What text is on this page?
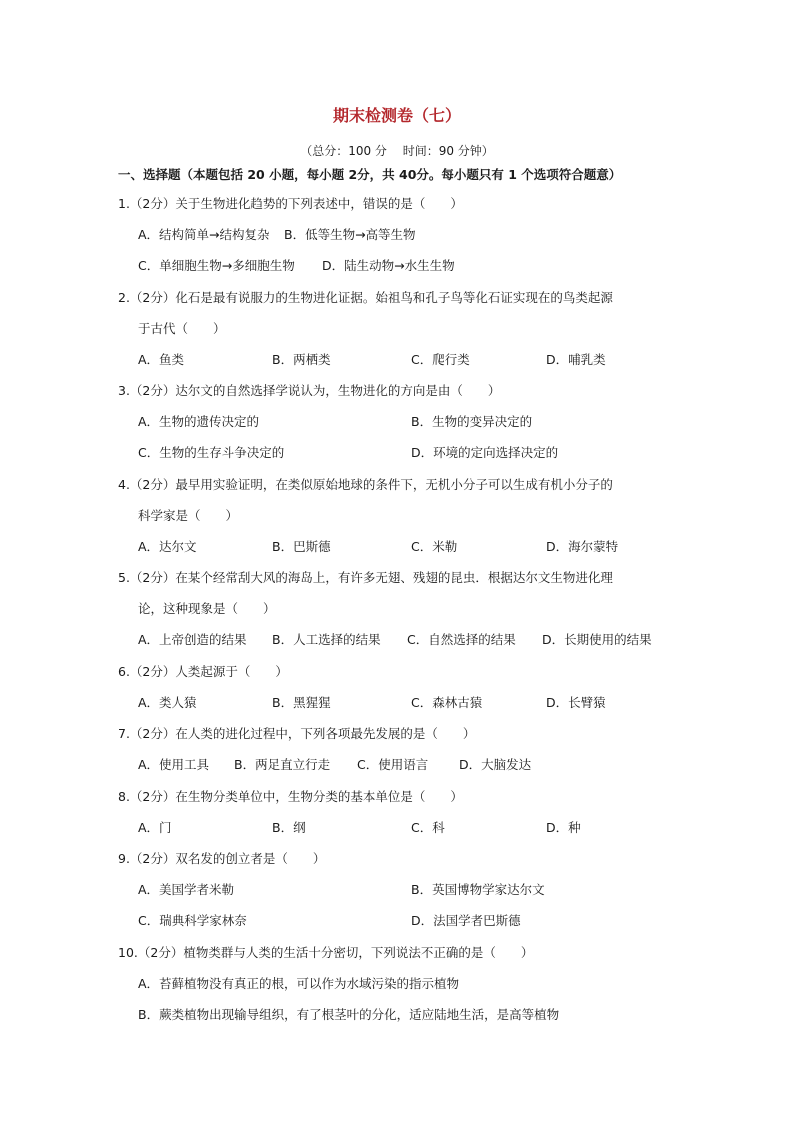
期末检测卷（七）
（总分：100 分　 时间：90 分钟）
一、选择题（本题包括 20 小题，每小题 2分，共 40分。每小题只有 1 个选项符合题意）
1.（2分）关于生物进化趋势的下列表述中，错误的是（　　）
A．结构简单→结构复杂 B．低等生物→高等生物
C．单细胞生物→多细胞生物 D．陆生动物→水生生物
2.（2分）化石是最有说服力的生物进化证据。始祖鸟和孔子鸟等化石证实现在的鸟类起源
于古代（　　）
A．鱼类	B．两栖类	C．爬行类	D．哺乳类
3.（2分）达尔文的自然选择学说认为，生物进化的方向是由（　　）
A．生物的遗传决定的	B．生物的变异决定的
C．生物的生存斗争决定的	D．环境的定向选择决定的
4.（2分）最早用实验证明，在类似原始地球的条件下，无机小分子可以生成有机小分子的
科学家是（　　）
A．达尔文	B．巴斯德	C．米勒	D．海尔蒙特
5.（2分）在某个经常刮大风的海岛上，有许多无翅、残翅的昆虫．根据达尔文生物进化理
论，这种现象是（　　）
A．上帝创造的结果 B．人工选择的结果 C．自然选择的结果 D．长期使用的结果
6.（2分）人类起源于（　　）
A．类人猿	B．黑猩猩	C．森林古猿	D．长臂猿
7.（2分）在人类的进化过程中，下列各项最先发展的是（　　）
A．使用工具 B．两足直立行走 C．使用语言 D．大脑发达
8.（2分）在生物分类单位中，生物分类的基本单位是（　　）
A．门	B．纲	C．科	D．种
9.（2分）双名发的创立者是（　　）
A．美国学者米勒	B．英国博物学家达尔文
C．瑞典科学家林奈	D．法国学者巴斯德
10.（2分）植物类群与人类的生活十分密切，下列说法不正确的是（　　）
A．苔藓植物没有真正的根，可以作为水域污染的指示植物
B．蕨类植物出现输导组织，有了根茎叶的分化，适应陆地生活，是高等植物
